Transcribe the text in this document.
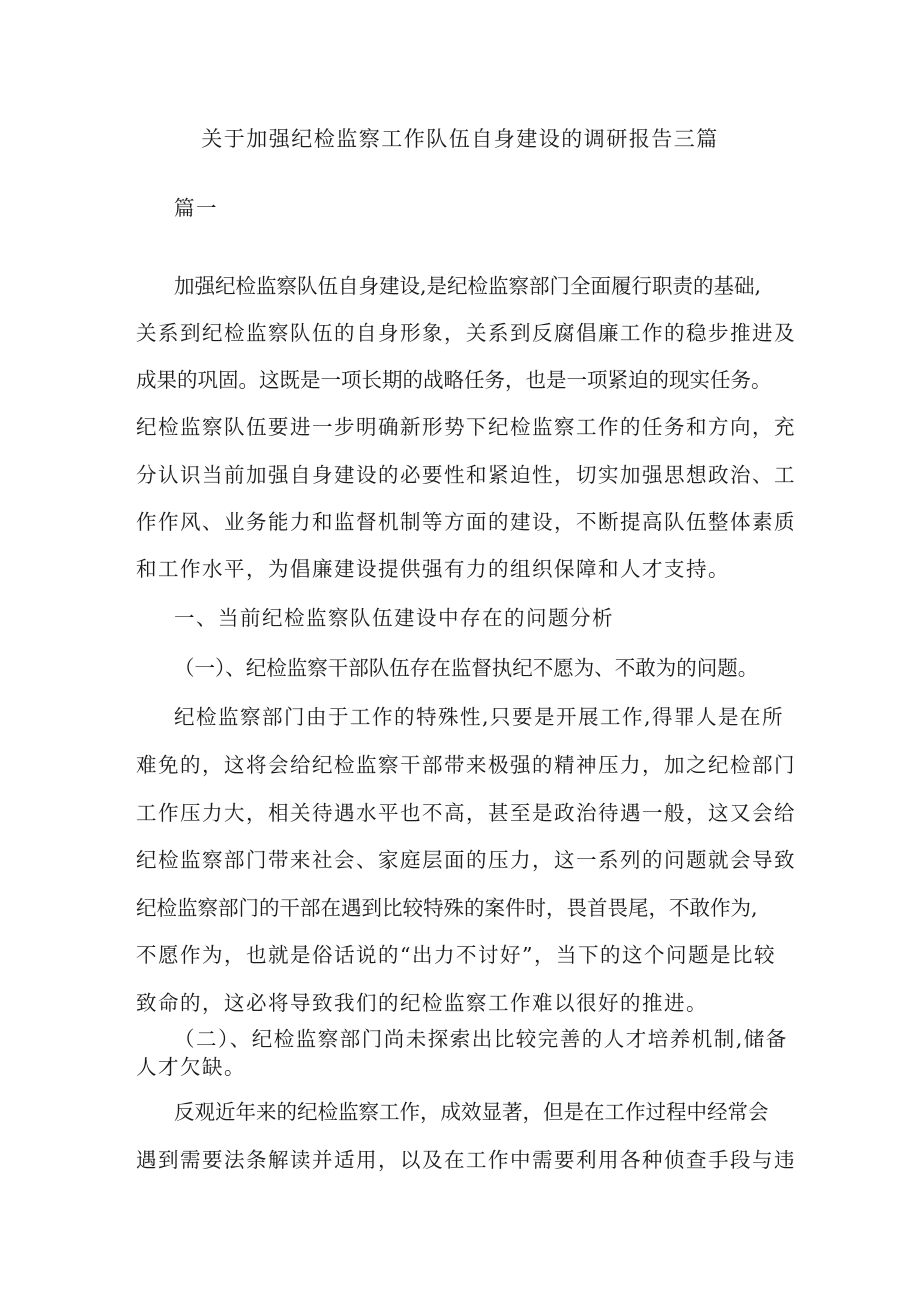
关于加强纪检监察工作队伍自身建设的调研报告三篇
篇一
加强纪检监察队伍自身建设,是纪检监察部门全面履行职责的基础,
关系到纪检监察队伍的自身形象，关系到反腐倡廉工作的稳步推进及
成果的巩固。这既是一项长期的战略任务，也是一项紧迫的现实任务。
纪检监察队伍要进一步明确新形势下纪检监察工作的任务和方向，充
分认识当前加强自身建设的必要性和紧迫性，切实加强思想政治、工
作作风、业务能力和监督机制等方面的建设，不断提高队伍整体素质
和工作水平，为倡廉建设提供强有力的组织保障和人才支持。
一、当前纪检监察队伍建设中存在的问题分析
（一）、纪检监察干部队伍存在监督执纪不愿为、不敢为的问题。
纪检监察部门由于工作的特殊性,只要是开展工作,得罪人是在所
难免的，这将会给纪检监察干部带来极强的精神压力，加之纪检部门
工作压力大，相关待遇水平也不高，甚至是政治待遇一般，这又会给
纪检监察部门带来社会、家庭层面的压力，这一系列的问题就会导致
纪检监察部门的干部在遇到比较特殊的案件时，畏首畏尾，不敢作为,
不愿作为，也就是俗话说的“出力不讨好”，当下的这个问题是比较
致命的，这必将导致我们的纪检监察工作难以很好的推进。
（二）、纪检监察部门尚未探索出比较完善的人才培养机制,储备
人才欠缺。
反观近年来的纪检监察工作，成效显著，但是在工作过程中经常会
遇到需要法条解读并适用，以及在工作中需要利用各种侦查手段与违
